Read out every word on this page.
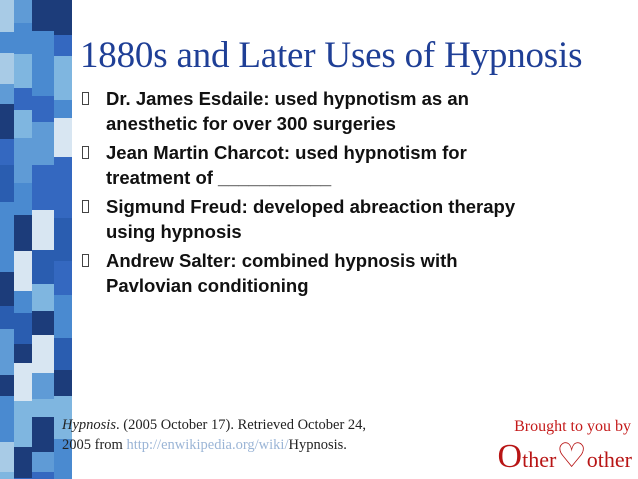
1880s and Later Uses of Hypnosis
Dr. James Esdaile: used hypnotism as an
anesthetic for over 300 surgeries
Jean Martin Charcot: used hypnotism for
treatment of ___________
Sigmund Freud: developed abreaction therapy
using hypnosis
Andrew Salter: combined hypnosis with
Pavlovian conditioning
Hypnosis. (2005 October 17). Retrieved October 24,
2005 from http://enwikipedia.org/wiki/Hypnosis.
Brought to you by
Other♡other
